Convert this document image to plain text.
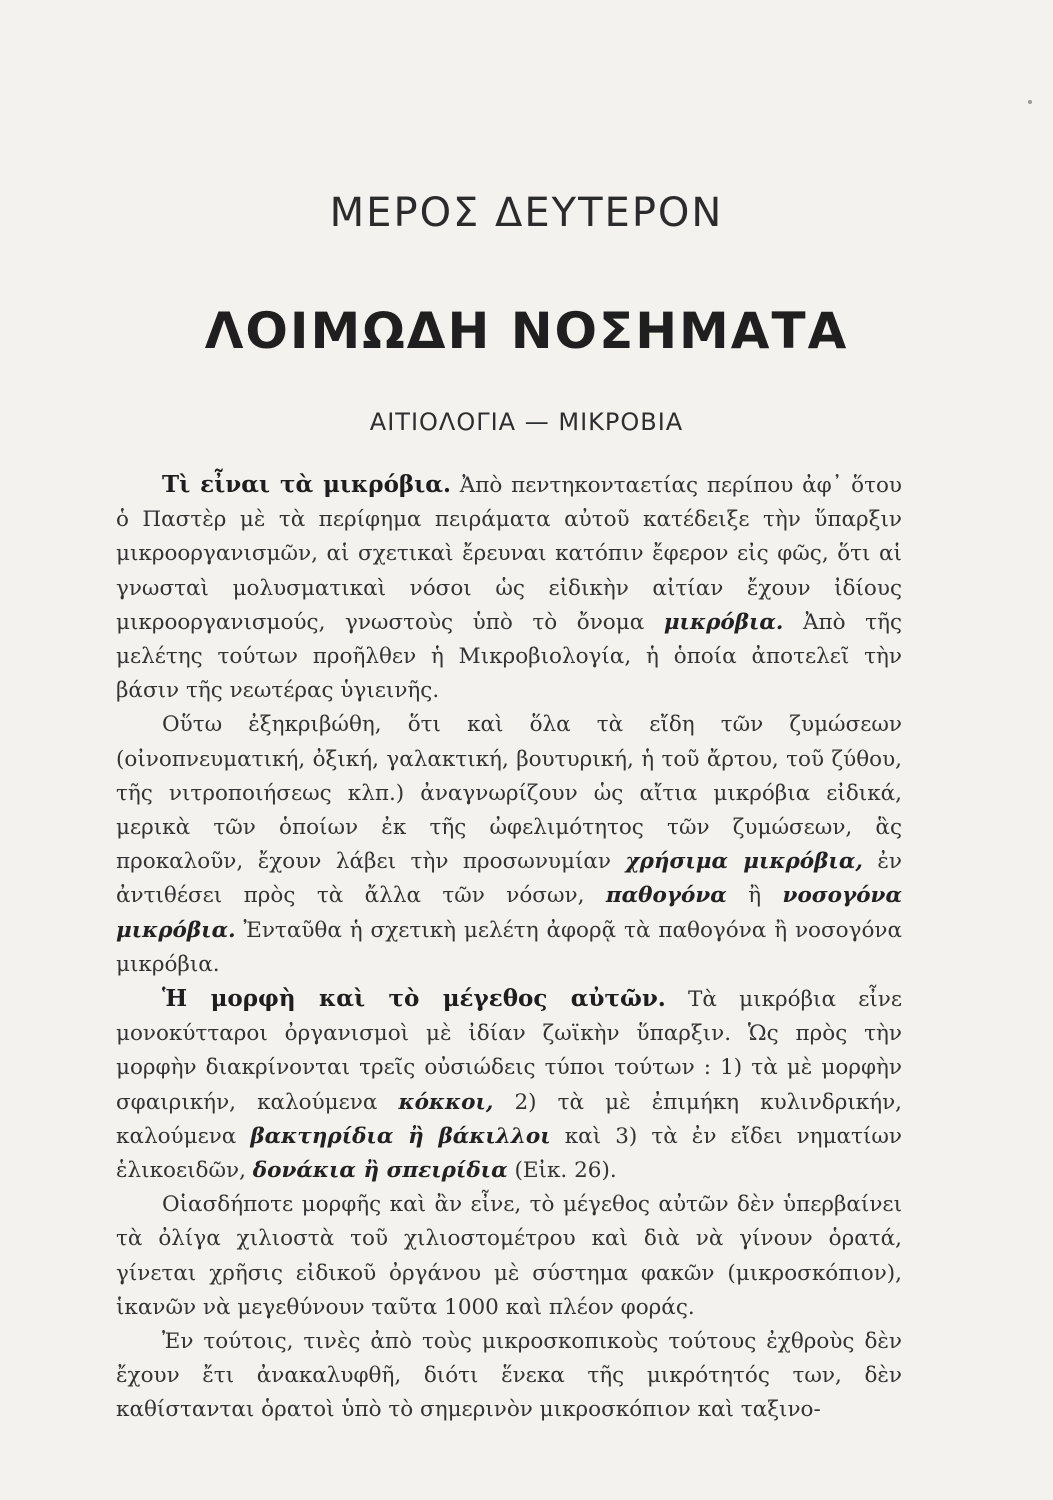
ΜΕΡΟΣ ΔΕΥΤΕΡΟΝ
ΛΟΙΜΩΔΗ ΝΟΣΗΜΑΤΑ
ΑΙΤΙΟΛΟΓΙΑ — ΜΙΚΡΟΒΙΑ

Τὶ εἶναι τὰ μικρόβια. Ἀπὸ πεντηκονταετίας περίπου ἀφ᾽ ὅτου ὁ Παστὲρ μὲ τὰ περίφημα πειράματα αὐτοῦ κατέδειξε τὴν ὕπαρξιν μικροοργανισμῶν, αἱ σχετικαὶ ἔρευναι κατόπιν ἔφερον εἰς φῶς, ὅτι αἱ γνωσταὶ μολυσματικαὶ νόσοι ὡς εἰδικὴν αἰτίαν ἔχουν ἰδίους μικροοργανισμούς, γνωστοὺς ὑπὸ τὸ ὄνομα μικρόβια. Ἀπὸ τῆς μελέτης τούτων προῆλθεν ἡ Μικροβιολογία, ἡ ὁποία ἀποτελεῖ τὴν βάσιν τῆς νεωτέρας ὑγιεινῆς.

Οὕτω ἐξηκριβώθη, ὅτι καὶ ὅλα τὰ εἴδη τῶν ζυμώσεων (οἰνοπνευματική, ὀξική, γαλακτική, βουτυρική, ἡ τοῦ ἄρτου, τοῦ ζύθου, τῆς νιτροποιήσεως κλπ.) ἀναγνωρίζουν ὡς αἴτια μικρόβια εἰδικά, μερικὰ τῶν ὁποίων ἐκ τῆς ὠφελιμότητος τῶν ζυμώσεων, ἃς προκαλοῦν, ἔχουν λάβει τὴν προσωνυμίαν χρήσιμα μικρόβια, ἐν ἀντιθέσει πρὸς τὰ ἄλλα τῶν νόσων, παθογόνα ἢ νοσογόνα μικρόβια. Ἐνταῦθα ἡ σχετικὴ μελέτη ἀφορᾷ τὰ παθογόνα ἢ νοσογόνα μικρόβια.

Ἡ μορφὴ καὶ τὸ μέγεθος αὐτῶν. Τὰ μικρόβια εἶνε μονοκύτταροι ὀργανισμοὶ μὲ ἰδίαν ζωϊκὴν ὕπαρξιν. Ὡς πρὸς τὴν μορφὴν διακρίνονται τρεῖς οὐσιώδεις τύποι τούτων : 1) τὰ μὲ μορφὴν σφαιρικήν, καλούμενα κόκκοι, 2) τὰ μὲ ἐπιμήκη κυλινδρικήν, καλούμενα βακτηρίδια ἢ βάκιλλοι καὶ 3) τὰ ἐν εἴδει νηματίων ἑλικοειδῶν, δονάκια ἢ σπειρίδια (Εἰκ. 26).

Οἱασδήποτε μορφῆς καὶ ἂν εἶνε, τὸ μέγεθος αὐτῶν δὲν ὑπερβαίνει τὰ ὀλίγα χιλιοστὰ τοῦ χιλιοστομέτρου καὶ διὰ νὰ γίνουν ὁρατά, γίνεται χρῆσις εἰδικοῦ ὀργάνου μὲ σύστημα φακῶν (μικροσκόπιον), ἱκανῶν νὰ μεγεθύνουν ταῦτα 1000 καὶ πλέον φοράς.

Ἐν τούτοις, τινὲς ἀπὸ τοὺς μικροσκοπικοὺς τούτους ἐχθροὺς δὲν ἔχουν ἔτι ἀνακαλυφθῆ, διότι ἕνεκα τῆς μικρότητός των, δὲν καθίστανται ὁρατοὶ ὑπὸ τὸ σημερινὸν μικροσκόπιον καὶ ταξινο-
